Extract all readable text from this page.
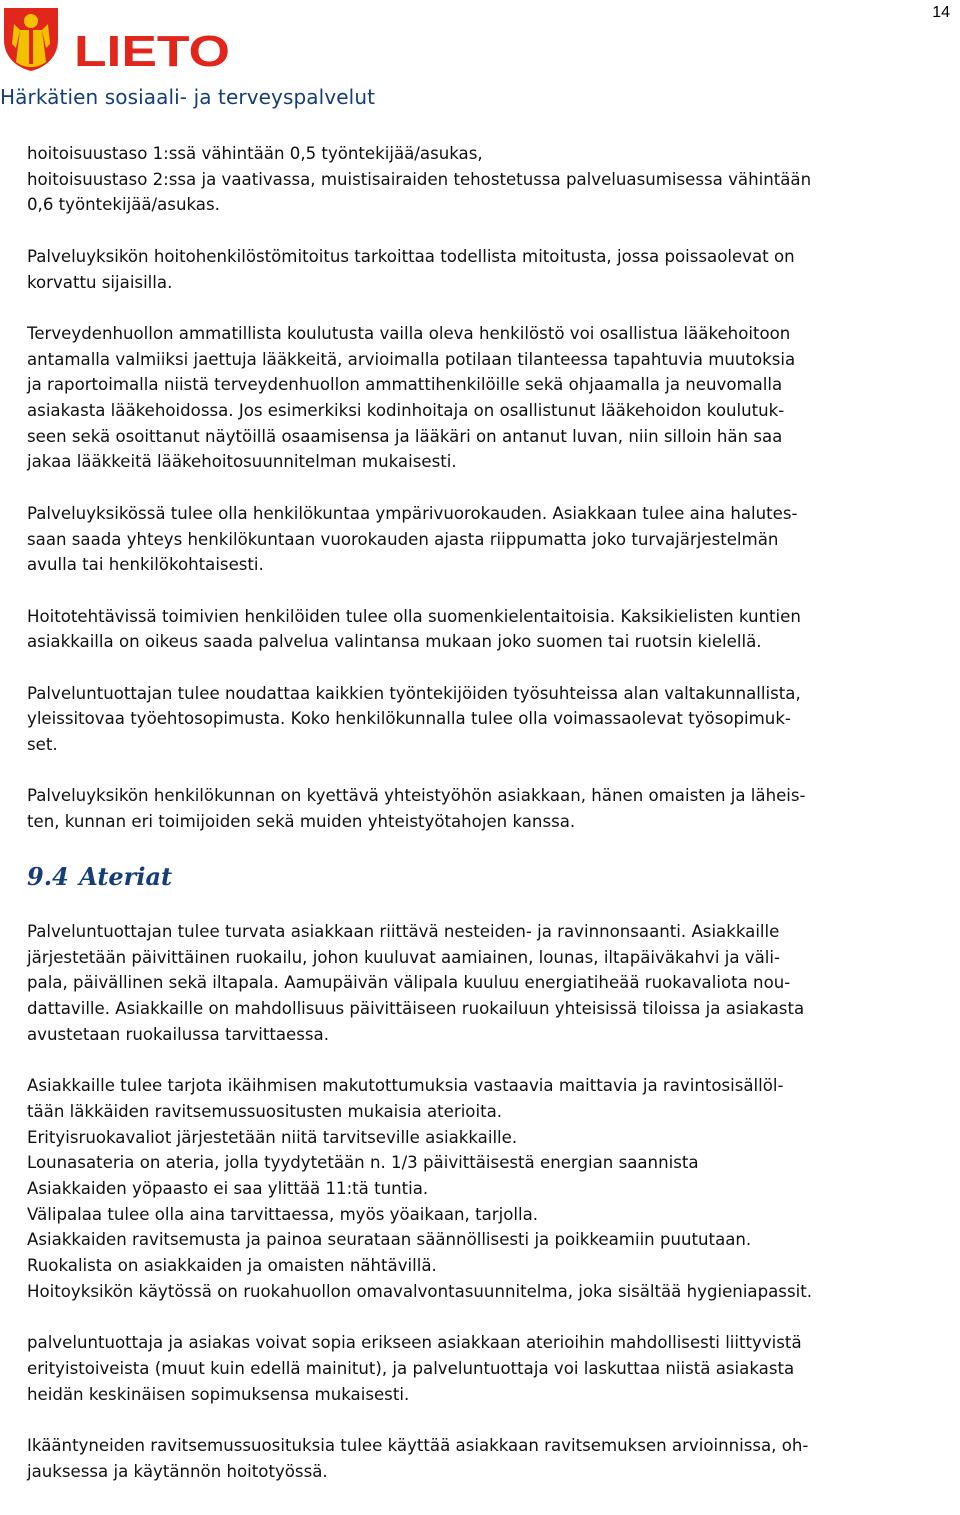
14
LIETO
Härkätien sosiaali- ja terveyspalvelut

hoitoisuustaso 1:ssä vähintään 0,5 työntekijää/asukas,
hoitoisuustaso 2:ssa ja vaativassa, muistisairaiden tehostetussa palveluasumisessa vähintään
0,6 työntekijää/asukas.

Palveluyksikön hoitohenkilöstömitoitus tarkoittaa todellista mitoitusta, jossa poissaolevat on
korvattu sijaisilla.

Terveydenhuollon ammatillista koulutusta vailla oleva henkilöstö voi osallistua lääkehoitoon
antamalla valmiiksi jaettuja lääkkeitä, arvioimalla potilaan tilanteessa tapahtuvia muutoksia
ja raportoimalla niistä terveydenhuollon ammattihenkilöille sekä ohjaamalla ja neuvomalla
asiakasta lääkehoidossa. Jos esimerkiksi kodinhoitaja on osallistunut lääkehoidon koulutuk-
seen sekä osoittanut näytöillä osaamisensa ja lääkäri on antanut luvan, niin silloin hän saa
jakaa lääkkeitä lääkehoitosuunnitelman mukaisesti.

Palveluyksikössä tulee olla henkilökuntaa ympärivuorokauden. Asiakkaan tulee aina halutes-
saan saada yhteys henkilökuntaan vuorokauden ajasta riippumatta joko turvajärjestelmän
avulla tai henkilökohtaisesti.

Hoitotehtävissä toimivien henkilöiden tulee olla suomenkielentaitoisia. Kaksikielisten kuntien
asiakkailla on oikeus saada palvelua valintansa mukaan joko suomen tai ruotsin kielellä.

Palveluntuottajan tulee noudattaa kaikkien työntekijöiden työsuhteissa alan valtakunnallista,
yleissitovaa työehtosopimusta. Koko henkilökunnalla tulee olla voimassaolevat työsopimuk-
set.

Palveluyksikön henkilökunnan on kyettävä yhteistyöhön asiakkaan, hänen omaisten ja läheis-
ten, kunnan eri toimijoiden sekä muiden yhteistyötahojen kanssa.

9.4 Ateriat

Palveluntuottajan tulee turvata asiakkaan riittävä nesteiden- ja ravinnonsaanti. Asiakkaille
järjestetään päivittäinen ruokailu, johon kuuluvat aamiainen, lounas, iltapäiväkahvi ja väli-
pala, päivällinen sekä iltapala. Aamupäivän välipala kuuluu energiatiheää ruokavaliota nou-
dattaville. Asiakkaille on mahdollisuus päivittäiseen ruokailuun yhteisissä tiloissa ja asiakasta
avustetaan ruokailussa tarvittaessa.

Asiakkaille tulee tarjota ikäihmisen makutottumuksia vastaavia maittavia ja ravintosisällöl-
tään läkkäiden ravitsemussuositusten mukaisia aterioita.
Erityisruokavaliot järjestetään niitä tarvitseville asiakkaille.
Lounasateria on ateria, jolla tyydytetään n. 1/3 päivittäisestä energian saannista
Asiakkaiden yöpaasto ei saa ylittää 11:tä tuntia.
Välipalaa tulee olla aina tarvittaessa, myös yöaikaan, tarjolla.
Asiakkaiden ravitsemusta ja painoa seurataan säännöllisesti ja poikkeamiin puututaan.
Ruokalista on asiakkaiden ja omaisten nähtävillä.
Hoitoyksikön käytössä on ruokahuollon omavalvontasuunnitelma, joka sisältää hygieniapassit.

palveluntuottaja ja asiakas voivat sopia erikseen asiakkaan aterioihin mahdollisesti liittyvistä
erityistoiveista (muut kuin edellä mainitut), ja palveluntuottaja voi laskuttaa niistä asiakasta
heidän keskinäisen sopimuksensa mukaisesti.

Ikääntyneiden ravitsemussuosituksia tulee käyttää asiakkaan ravitsemuksen arvioinnissa, oh-
jauksessa ja käytännön hoitotyössä.
